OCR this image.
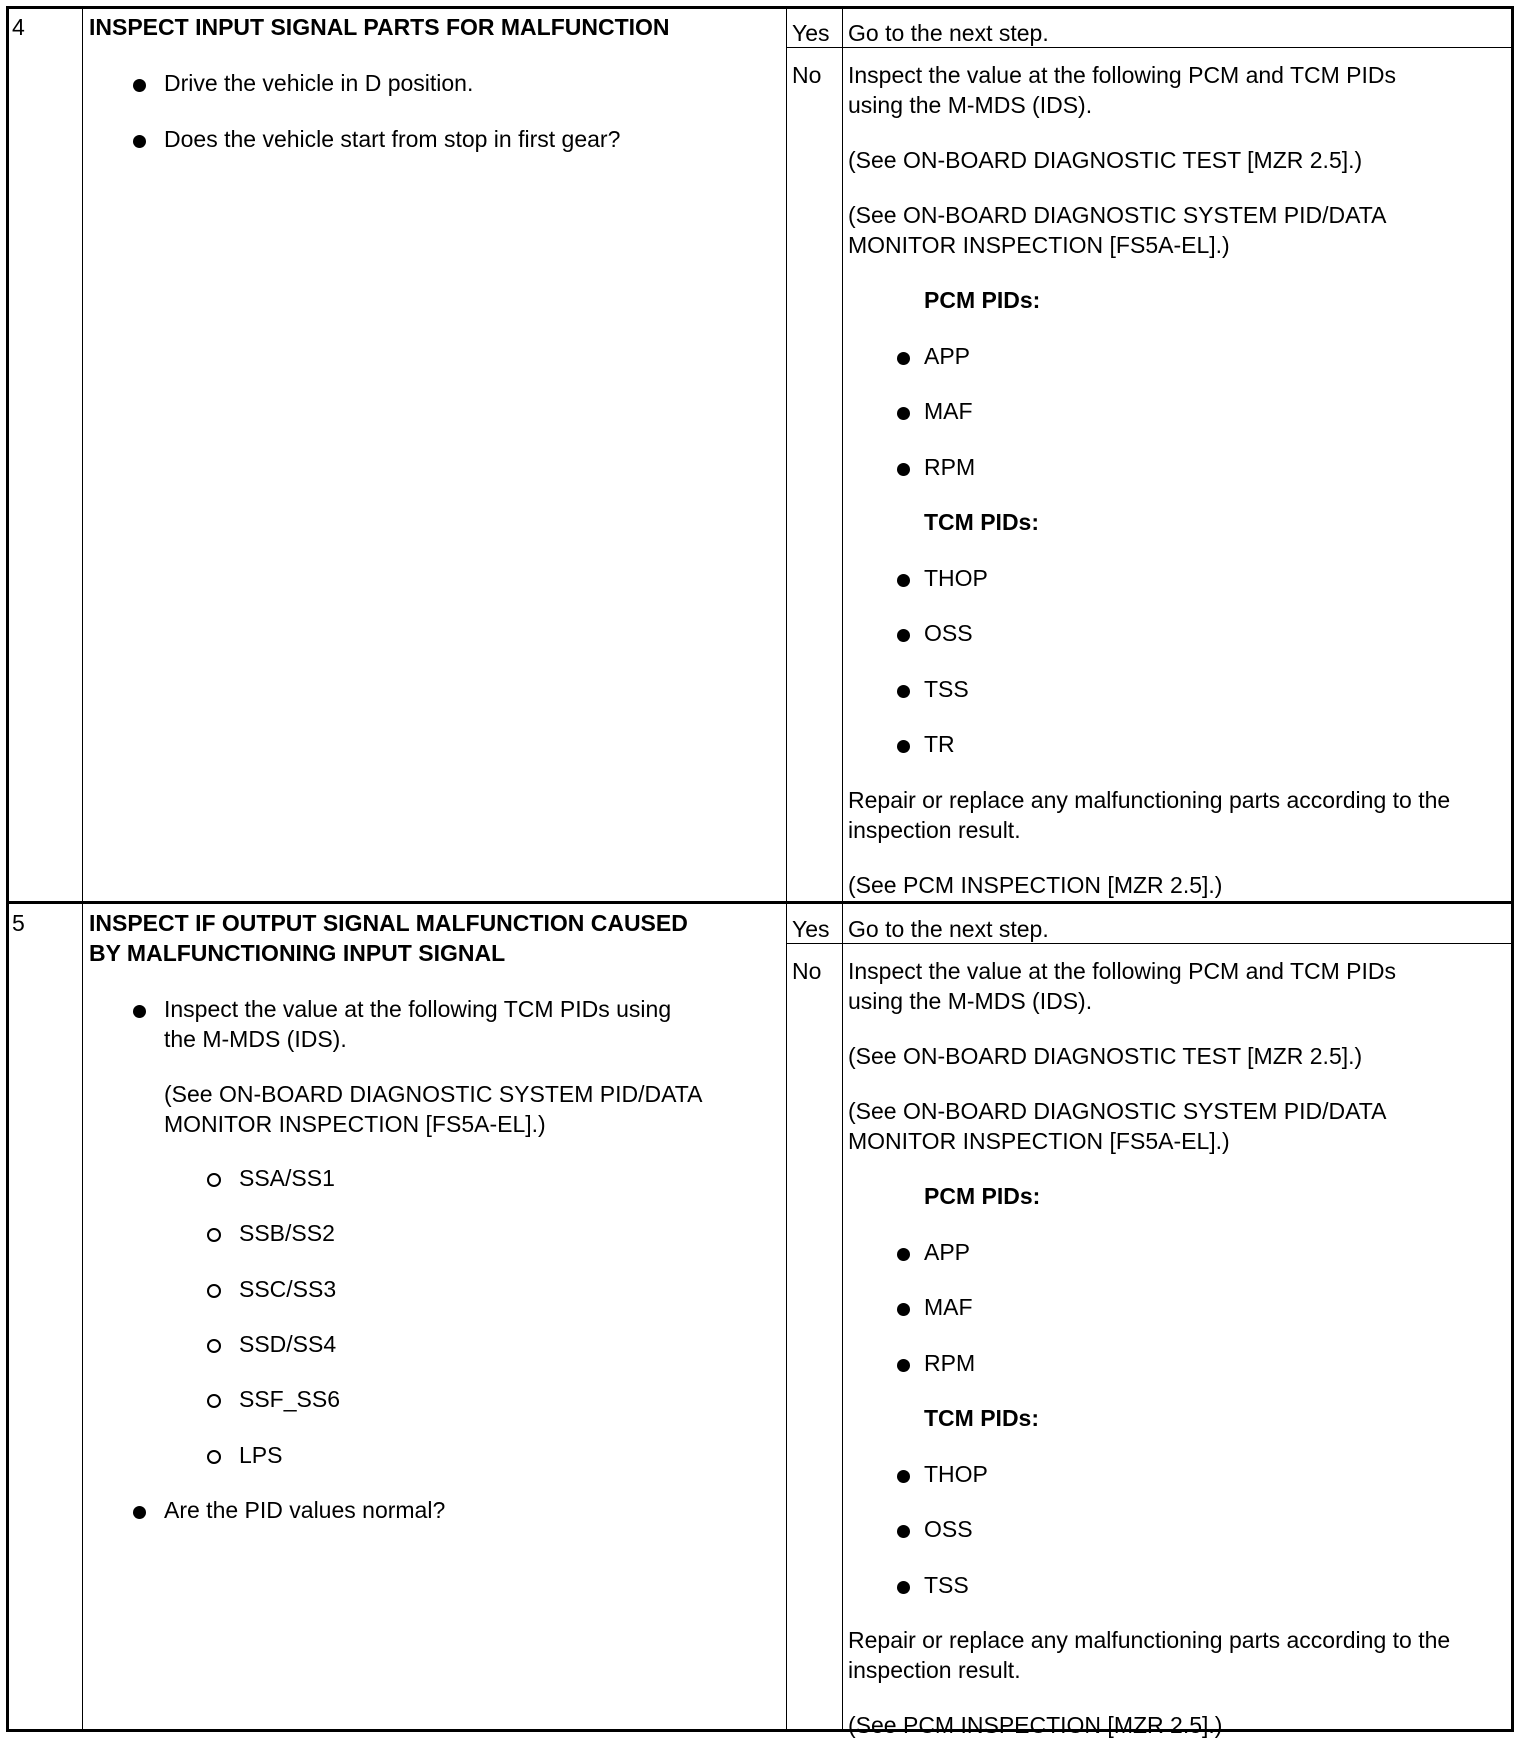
4	INSPECT INPUT SIGNAL PARTS FOR MALFUNCTION
Drive the vehicle in D position.
Does the vehicle start from stop in first gear?
Yes Go to the next step.
No Inspect the value at the following PCM and TCM PIDs
using the M-MDS (IDS).
(See ON-BOARD DIAGNOSTIC TEST [MZR 2.5].)
(See ON-BOARD DIAGNOSTIC SYSTEM PID/DATA
MONITOR INSPECTION [FS5A-EL].)
PCM PIDs:
APP
MAF
RPM
TCM PIDs:
THOP
OSS
TSS
TR
Repair or replace any malfunctioning parts according to the
inspection result.
(See PCM INSPECTION [MZR 2.5].)
5	INSPECT IF OUTPUT SIGNAL MALFUNCTION CAUSED
BY MALFUNCTIONING INPUT SIGNAL
Inspect the value at the following TCM PIDs using
the M-MDS (IDS).
(See ON-BOARD DIAGNOSTIC SYSTEM PID/DATA
MONITOR INSPECTION [FS5A-EL].)
SSA/SS1
SSB/SS2
SSC/SS3
SSD/SS4
SSF_SS6
LPS
Are the PID values normal?
Yes Go to the next step.
No Inspect the value at the following PCM and TCM PIDs
using the M-MDS (IDS).
(See ON-BOARD DIAGNOSTIC TEST [MZR 2.5].)
(See ON-BOARD DIAGNOSTIC SYSTEM PID/DATA
MONITOR INSPECTION [FS5A-EL].)
PCM PIDs:
APP
MAF
RPM
TCM PIDs:
THOP
OSS
TSS
Repair or replace any malfunctioning parts according to the
inspection result.
(See PCM INSPECTION [MZR 2.5].)
